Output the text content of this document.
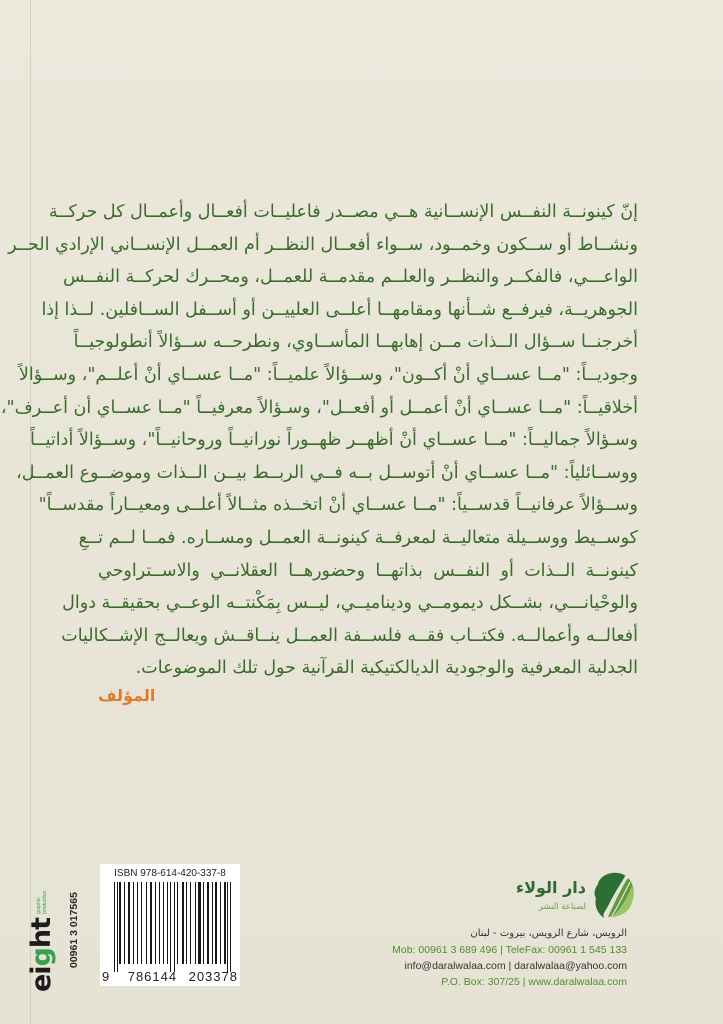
إنّ كينونــة النفــس الإنســانية هــي مصــدر فاعليــات أفعــال وأعمــال كل حركــة
ونشــاط أو ســكون وخمــود، ســواء أفعــال النظــر أم العمــل الإنســاني الإرادي الحــر
الواعـــي، فالفكــر والنظــر والعلــم مقدمــة للعمــل، ومحــرك لحركــة النفــس
الجوهريــة، فيرفــع شــأنها ومقامهــا أعلــى العلييــن أو أســفل الســافلين. لــذا إذا
أخرجنــا ســؤال الــذات مــن إهابهــا المأســاوي، ونطرحــه ســؤالاً أنطولوجيــاً
وجوديــاً: "مــا عســاي أنْ أكــون"، وســؤالاً علميــاً: "مــا عســاي أنْ أعلــم"، وســؤالاً
أخلاقيــاً: "مــا عســاي أنْ أعمــل أو أفعــل"، وسـؤالاً معرفيــاً "مــا عســاي أن أعــرف"،
وسـؤالاً جماليــاً: "مــا عســاي أنْ أظهــر ظهــوراً نورانيــاً وروحانيــاً"، وســؤالاً أداتيــاً
ووســائلياً: "مــا عســاي أنْ أتوســل بــه فــي الربــط بيــن الــذات وموضــوع العمــل،
وســؤالاً عرفانيــاً قدســياً: "مــا عســاي أنْ اتخــذه مثــالاً أعلــى ومعيــاراً مقدســاً"
كوســيط ووســيلة متعاليــة لمعرفــة كينونــة العمــل ومســاره. فمــا لــم تــعِ
كينونــة الــذات أو النفــس بذاتهــا وحضورهــا العقلانــي والاســتراوحي
والوحْيانـــي، بشــكل ديمومــي وديناميــي، ليــس بِمَكْنتــه الوعــي بحقيقــة دوال
أفعالــه وأعمالــه. فكتــاب فقــه فلســفة العمــل ينــاقــش ويعالــج الإشــكاليات
الجدلية المعرفية والوجودية الديالكتيكية القرآنية حول تلك الموضوعات.
المؤلف
eight
graphic production 00961 3 017565
ISBN 978-614-420-337-8
9 786144 203378
دار الولاء
لصناعة النشر
الرويس، شارع الرويس، بيروت - لبنان
Mob: 00961 3 689 496 | TeleFax: 00961 1 545 133
info@daralwalaa.com | daralwalaa@yahoo.com
P.O. Box: 307/25 | www.daralwalaa.com
